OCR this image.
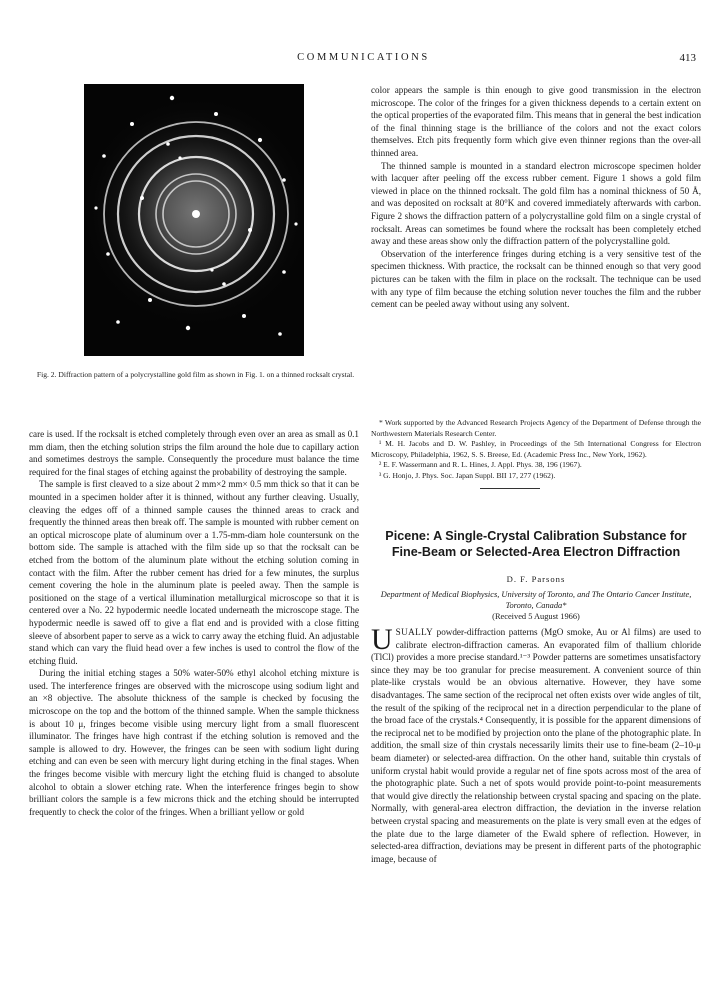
COMMUNICATIONS	413
Fig. 2. Diffraction pattern of a polycrystalline gold film as shown in Fig. 1. on a thinned rocksalt crystal.

care is used. If the rocksalt is etched completely through even over an area as small as 0.1 mm diam, then the etching solution strips the film around the hole due to capillary action and sometimes destroys the sample. Consequently the procedure must balance the time required for the final stages of etching against the probability of destroying the sample.

The sample is first cleaved to a size about 2 mm×2 mm× 0.5 mm thick so that it can be mounted in a specimen holder after it is thinned, without any further cleaving. Usually, cleaving the edges off of a thinned sample causes the thinned areas to crack and frequently the thinned areas then break off. The sample is mounted with rubber cement on an optical microscope plate of aluminum over a 1.75-mm-diam hole countersunk on the bottom side. The sample is attached with the film side up so that the rocksalt can be etched from the bottom of the aluminum plate without the etching solution coming in contact with the film. After the rubber cement has dried for a few minutes, the surplus cement covering the hole in the aluminum plate is peeled away. Then the sample is positioned on the stage of a vertical illumination metallurgical microscope so that it is centered over a No. 22 hypodermic needle located underneath the microscope stage. The hypodermic needle is sawed off to give a flat end and is provided with a close fitting sleeve of absorbent paper to serve as a wick to carry away the etching fluid. An adjustable stand which can vary the fluid head over a few inches is used to control the flow of the etching fluid.

During the initial etching stages a 50% water-50% ethyl alcohol etching mixture is used. The interference fringes are observed with the microscope using sodium light and an ×8 objective. The absolute thickness of the sample is checked by focusing the microscope on the top and the bottom of the thinned sample. When the sample thickness is about 10 μ, fringes become visible using mercury light from a small fluorescent illuminator. The fringes have high contrast if the etching solution is removed and the sample is allowed to dry. However, the fringes can be seen with sodium light during etching and can even be seen with mercury light during etching in the final stages. When the fringes become visible with mercury light the etching fluid is changed to absolute alcohol to obtain a slower etching rate. When the interference fringes begin to show brilliant colors the sample is a few microns thick and the etching should be interrupted frequently to check the color of the fringes. When a brilliant yellow or gold

color appears the sample is thin enough to give good transmission in the electron microscope. The color of the fringes for a given thickness depends to a certain extent on the optical properties of the evaporated film. This means that in general the best indication of the final thinning stage is the brilliance of the colors and not the exact colors themselves. Etch pits frequently form which give even thinner regions than the over-all thinned area.

The thinned sample is mounted in a standard electron microscope specimen holder with lacquer after peeling off the excess rubber cement. Figure 1 shows a gold film viewed in place on the thinned rocksalt. The gold film has a nominal thickness of 50 Å, and was deposited on rocksalt at 80°K and covered immediately afterwards with carbon. Figure 2 shows the diffraction pattern of a polycrystalline gold film on a single crystal of rocksalt. Areas can sometimes be found where the rocksalt has been completely etched away and these areas show only the diffraction pattern of the polycrystalline gold.

Observation of the interference fringes during etching is a very sensitive test of the specimen thickness. With practice, the rocksalt can be thinned enough so that very good pictures can be taken with the film in place on the rocksalt. The technique can be used with any type of film because the etching solution never touches the film and the rubber cement can be peeled away without using any solvent.

* Work supported by the Advanced Research Projects Agency of the Department of Defense through the Northwestern Materials Research Center.

¹ M. H. Jacobs and D. W. Pashley, in Proceedings of the 5th International Congress for Electron Microscopy, Philadelphia, 1962, S. S. Breese, Ed. (Academic Press Inc., New York, 1962).

² E. F. Wassermann and R. L. Hines, J. Appl. Phys. 38, 196 (1967).

³ G. Honjo, J. Phys. Soc. Japan Suppl. BII 17, 277 (1962).

Picene: A Single-Crystal Calibration Substance for Fine-Beam or Selected-Area Electron Diffraction
D. F. Parsons
Department of Medical Biophysics, University of Toronto, and The Ontario Cancer Institute, Toronto, Canada*
(Received 5 August 1966)

USUALLY powder-diffraction patterns (MgO smoke, Au or Al films) are used to calibrate electron-diffraction cameras. An evaporated film of thallium chloride (TlCl) provides a more precise standard.¹⁻³ Powder patterns are sometimes unsatisfactory since they may be too granular for precise measurement. A convenient source of thin plate-like crystals would be an obvious alternative. However, they have some disadvantages. The same section of the reciprocal net often exists over wide angles of tilt, the result of the spiking of the reciprocal net in a direction perpendicular to the plane of the broad face of the crystals.⁴ Consequently, it is possible for the apparent dimensions of the reciprocal net to be modified by projection onto the plane of the photographic plate. In addition, the small size of thin crystals necessarily limits their use to fine-beam (2–10-μ beam diameter) or selected-area diffraction. On the other hand, suitable thin crystals of uniform crystal habit would provide a regular net of fine spots across most of the area of the photographic plate. Such a net of spots would provide point-to-point measurements that would give directly the relationship between crystal spacing and spacing on the plate. Normally, with general-area electron diffraction, the deviation in the inverse relation between crystal spacing and measurements on the plate is very small even at the edges of the plate due to the large diameter of the Ewald sphere of reflection. However, in selected-area diffraction, deviations may be present in different parts of the photographic image, because of
